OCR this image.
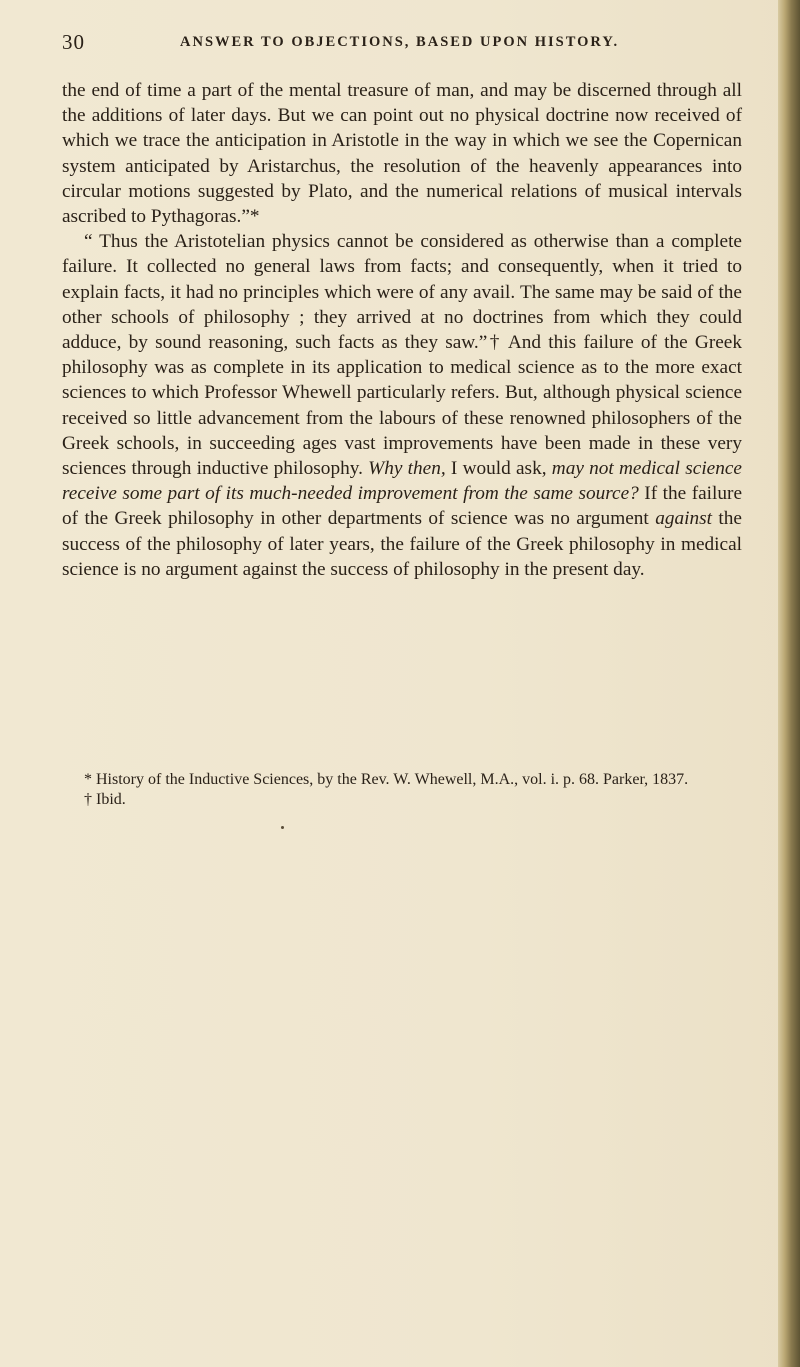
30	ANSWER TO OBJECTIONS, BASED UPON HISTORY.

the end of time a part of the mental treasure of man, and may be discerned through all the additions of later days. But we can point out no physical doctrine now received of which we trace the anticipation in Aristotle in the way in which we see the Copernican system anticipated by Aristarchus, the resolution of the heavenly appearances into circular motions suggested by Plato, and the numerical relations of musical intervals ascribed to Pythagoras.”*

“ Thus the Aristotelian physics cannot be considered as otherwise than a complete failure. It collected no general laws from facts; and consequently, when it tried to explain facts, it had no principles which were of any avail. The same may be said of the other schools of philosophy ; they arrived at no doctrines from which they could adduce, by sound reasoning, such facts as they saw.”† And this failure of the Greek philosophy was as complete in its application to medical science as to the more exact sciences to which Professor Whewell particularly refers. But, although physical science received so little advancement from the labours of these renowned philosophers of the Greek schools, in succeeding ages vast improvements have been made in these very sciences through inductive philosophy. Why then, I would ask, may not medical science receive some part of its much-needed improvement from the same source? If the failure of the Greek philosophy in other departments of science was no argument against the success of the philosophy of later years, the failure of the Greek philosophy in medical science is no argument against the success of philosophy in the present day.

* History of the Inductive Sciences, by the Rev. W. Whewell, M.A., vol. i. p. 68. Parker, 1837.

† Ibid.
